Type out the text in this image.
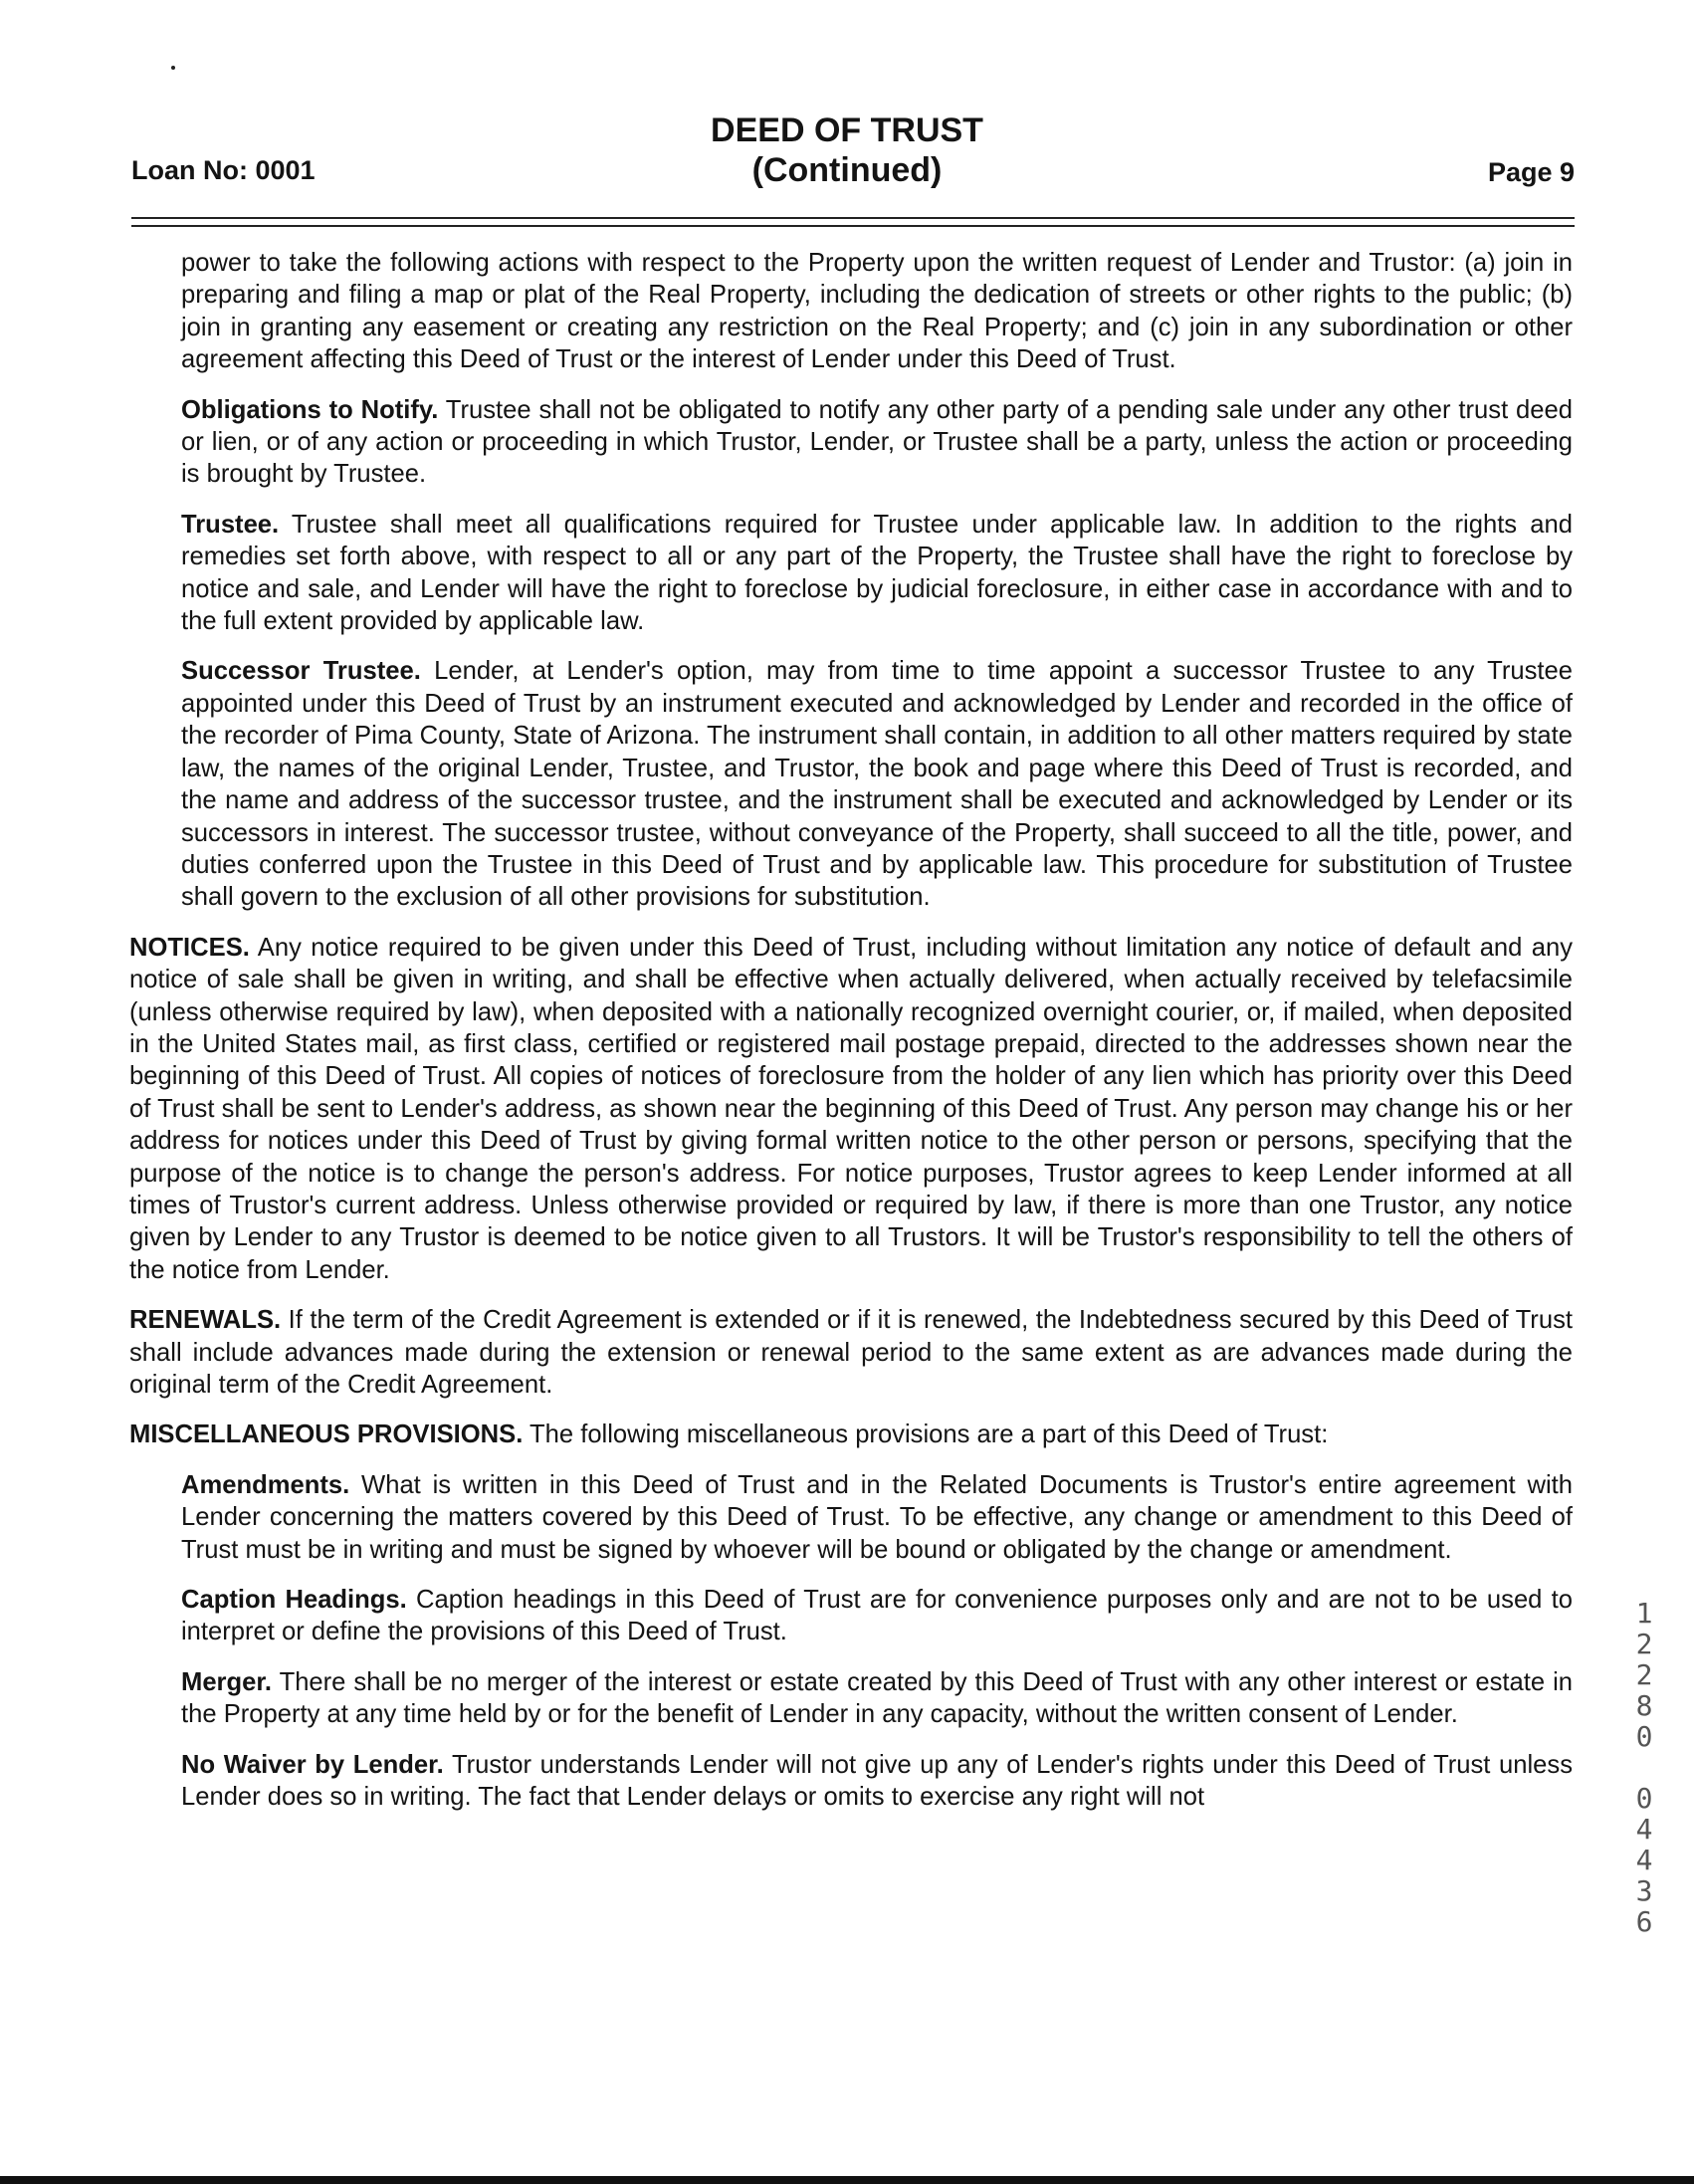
DEED OF TRUST
(Continued)
Loan No: 0001	Page 9

power to take the following actions with respect to the Property upon the written request of Lender and Trustor: (a) join in preparing and filing a map or plat of the Real Property, including the dedication of streets or other rights to the public; (b) join in granting any easement or creating any restriction on the Real Property; and (c) join in any subordination or other agreement affecting this Deed of Trust or the interest of Lender under this Deed of Trust.

Obligations to Notify. Trustee shall not be obligated to notify any other party of a pending sale under any other trust deed or lien, or of any action or proceeding in which Trustor, Lender, or Trustee shall be a party, unless the action or proceeding is brought by Trustee.

Trustee. Trustee shall meet all qualifications required for Trustee under applicable law. In addition to the rights and remedies set forth above, with respect to all or any part of the Property, the Trustee shall have the right to foreclose by notice and sale, and Lender will have the right to foreclose by judicial foreclosure, in either case in accordance with and to the full extent provided by applicable law.

Successor Trustee. Lender, at Lender's option, may from time to time appoint a successor Trustee to any Trustee appointed under this Deed of Trust by an instrument executed and acknowledged by Lender and recorded in the office of the recorder of Pima County, State of Arizona. The instrument shall contain, in addition to all other matters required by state law, the names of the original Lender, Trustee, and Trustor, the book and page where this Deed of Trust is recorded, and the name and address of the successor trustee, and the instrument shall be executed and acknowledged by Lender or its successors in interest. The successor trustee, without conveyance of the Property, shall succeed to all the title, power, and duties conferred upon the Trustee in this Deed of Trust and by applicable law. This procedure for substitution of Trustee shall govern to the exclusion of all other provisions for substitution.

NOTICES. Any notice required to be given under this Deed of Trust, including without limitation any notice of default and any notice of sale shall be given in writing, and shall be effective when actually delivered, when actually received by telefacsimile (unless otherwise required by law), when deposited with a nationally recognized overnight courier, or, if mailed, when deposited in the United States mail, as first class, certified or registered mail postage prepaid, directed to the addresses shown near the beginning of this Deed of Trust. All copies of notices of foreclosure from the holder of any lien which has priority over this Deed of Trust shall be sent to Lender's address, as shown near the beginning of this Deed of Trust. Any person may change his or her address for notices under this Deed of Trust by giving formal written notice to the other person or persons, specifying that the purpose of the notice is to change the person's address. For notice purposes, Trustor agrees to keep Lender informed at all times of Trustor's current address. Unless otherwise provided or required by law, if there is more than one Trustor, any notice given by Lender to any Trustor is deemed to be notice given to all Trustors. It will be Trustor's responsibility to tell the others of the notice from Lender.

RENEWALS. If the term of the Credit Agreement is extended or if it is renewed, the Indebtedness secured by this Deed of Trust shall include advances made during the extension or renewal period to the same extent as are advances made during the original term of the Credit Agreement.

MISCELLANEOUS PROVISIONS. The following miscellaneous provisions are a part of this Deed of Trust:

Amendments. What is written in this Deed of Trust and in the Related Documents is Trustor's entire agreement with Lender concerning the matters covered by this Deed of Trust. To be effective, any change or amendment to this Deed of Trust must be in writing and must be signed by whoever will be bound or obligated by the change or amendment.

Caption Headings. Caption headings in this Deed of Trust are for convenience purposes only and are not to be used to interpret or define the provisions of this Deed of Trust.

Merger. There shall be no merger of the interest or estate created by this Deed of Trust with any other interest or estate in the Property at any time held by or for the benefit of Lender in any capacity, without the written consent of Lender.

No Waiver by Lender. Trustor understands Lender will not give up any of Lender's rights under this Deed of Trust unless Lender does so in writing. The fact that Lender delays or omits to exercise any right will not

1
2
2
8
0

0
4
4
3
6
